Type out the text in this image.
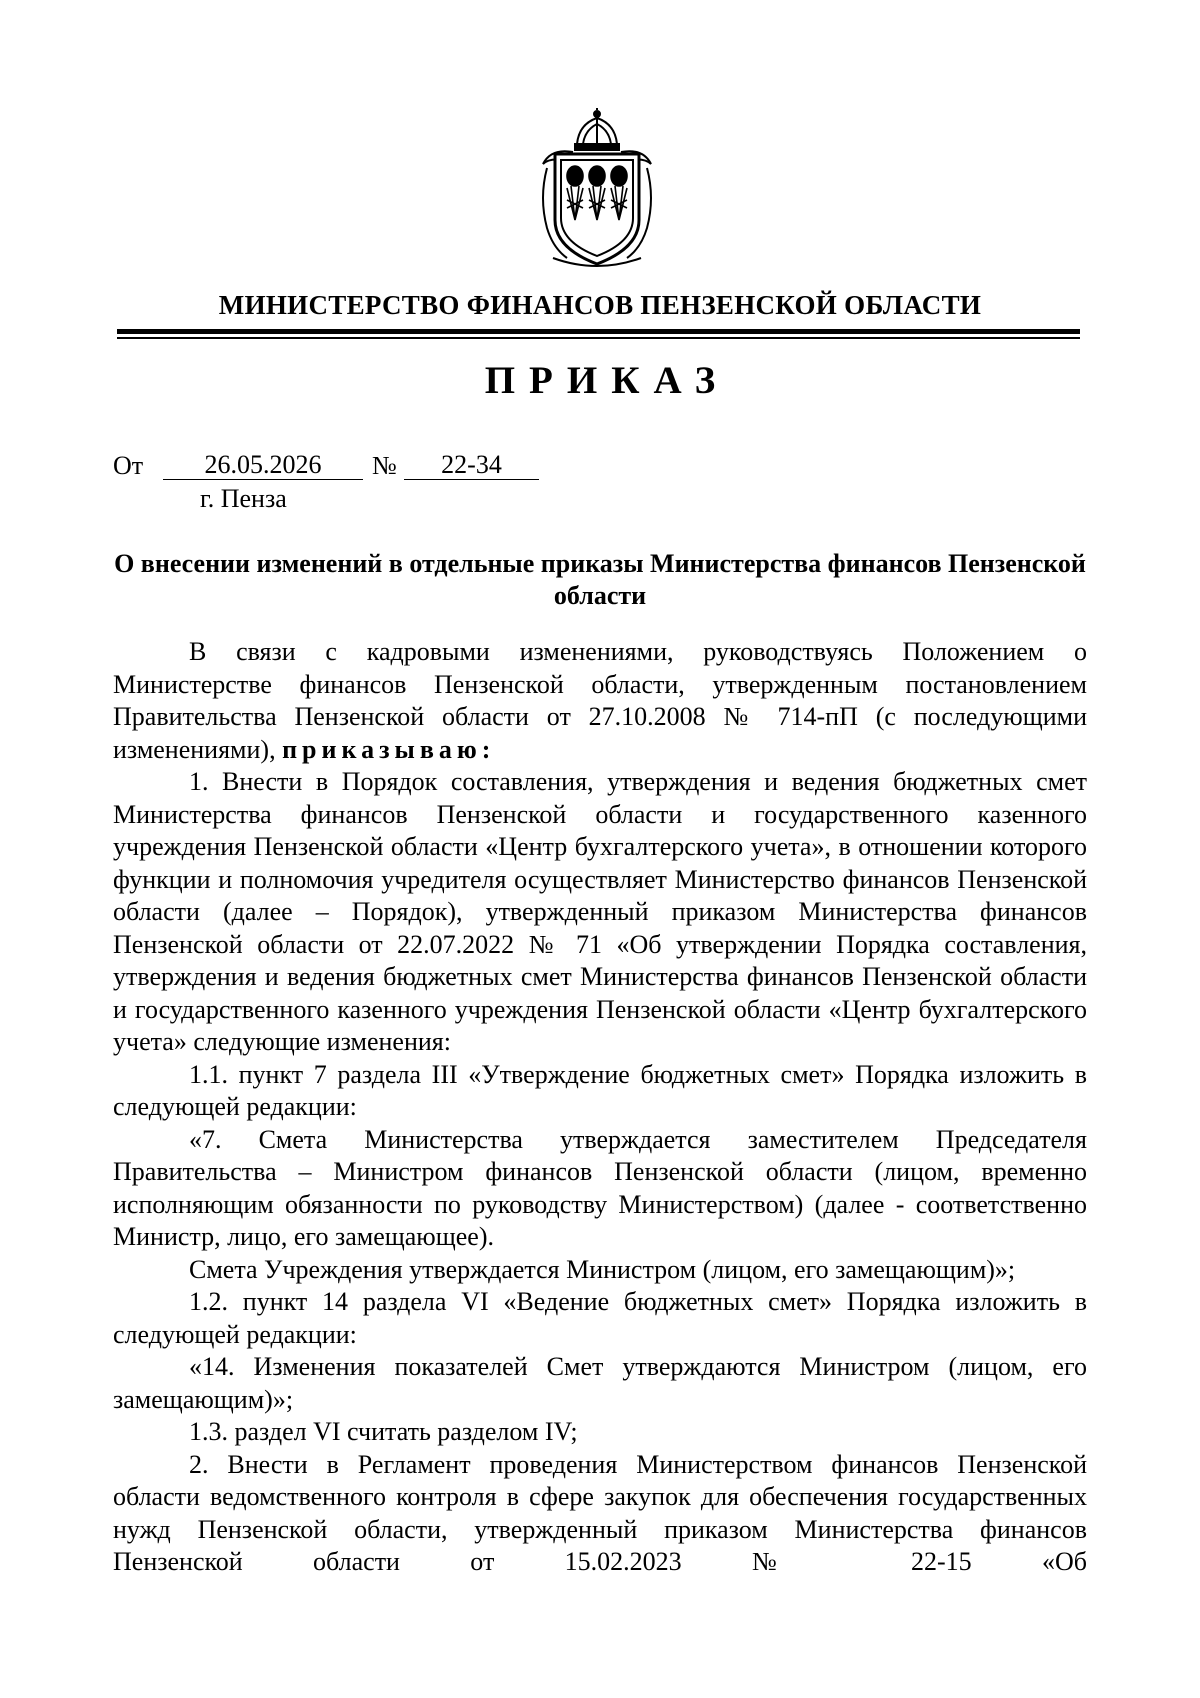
МИНИСТЕРСТВО ФИНАНСОВ ПЕНЗЕНСКОЙ ОБЛАСТИ
ПРИКАЗ
От	26.05.2026	№	22-34
г. Пенза
О внесении изменений в отдельные приказы Министерства финансов Пензенской области

В связи с кадровыми изменениями, руководствуясь Положением о Министерстве финансов Пензенской области, утвержденным постановлением Правительства Пензенской области от 27.10.2008 № 714-пП (с последующими изменениями), приказываю:

1. Внести в Порядок составления, утверждения и ведения бюджетных смет Министерства финансов Пензенской области и государственного казенного учреждения Пензенской области «Центр бухгалтерского учета», в отношении которого функции и полномочия учредителя осуществляет Министерство финансов Пензенской области (далее – Порядок), утвержденный приказом Министерства финансов Пензенской области от 22.07.2022 № 71 «Об утверждении Порядка составления, утверждения и ведения бюджетных смет Министерства финансов Пензенской области и государственного казенного учреждения Пензенской области «Центр бухгалтерского учета» следующие изменения:

1.1. пункт 7 раздела III «Утверждение бюджетных смет» Порядка изложить в следующей редакции:

«7. Смета Министерства утверждается заместителем Председателя Правительства – Министром финансов Пензенской области (лицом, временно исполняющим обязанности по руководству Министерством) (далее - соответственно Министр, лицо, его замещающее).

Смета Учреждения утверждается Министром (лицом, его замещающим)»;

1.2. пункт 14 раздела VI «Ведение бюджетных смет» Порядка изложить в следующей редакции:

«14. Изменения показателей Смет утверждаются Министром (лицом, его замещающим)»;

1.3. раздел VI считать разделом IV;

2. Внести в Регламент проведения Министерством финансов Пензенской области ведомственного контроля в сфере закупок для обеспечения государственных нужд Пензенской области, утвержденный приказом Министерства финансов Пензенской области от 15.02.2023 № 22-15 «Об
